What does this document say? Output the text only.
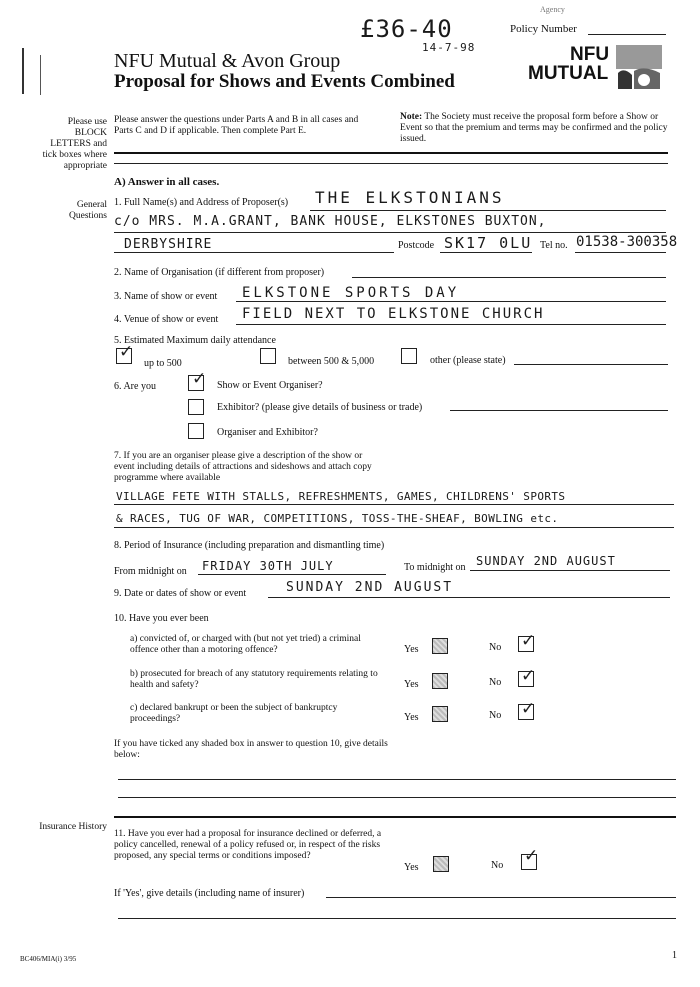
Agency
Policy Number
£36-40
14-7-98
NFU Mutual & Avon Group
Proposal for Shows and Events Combined
NFU
MUTUAL
Please use BLOCK LETTERS and tick boxes where appropriate
Please answer the questions under Parts A and B in all cases and Parts C and D if applicable. Then complete Part E.
Note: The Society must receive the proposal form before a Show or Event so that the premium and terms may be confirmed and the policy issued.
A) Answer in all cases.
General Questions
1. Full Name(s) and Address of Proposer(s) THE ELKSTONIANS
c/o MRS. M.A.GRANT, BANK HOUSE, ELKSTONES BUXTON,
DERBYSHIRE	Postcode SK17 0LU Tel no. 01538-300358
2. Name of Organisation (if different from proposer)
3. Name of show or event ELKSTONE SPORTS DAY
4. Venue of show or event FIELD NEXT TO ELKSTONE CHURCH
5. Estimated Maximum daily attendance
✓
up to 500	between 500 & 5,000	other (please state)
6. Are you ✓ Show or Event Organiser?
Exhibitor? (please give details of business or trade)
Organiser and Exhibitor?
7. If you are an organiser please give a description of the show or event including details of attractions and sideshows and attach copy programme where available
VILLAGE FETE WITH STALLS, REFRESHMENTS, GAMES, CHILDRENS' SPORTS
& RACES, TUG OF WAR, COMPETITIONS, TOSS-THE-SHEAF, BOWLING etc.
8. Period of Insurance (including preparation and dismantling time)
From midnight on FRIDAY 30TH JULY	To midnight on SUNDAY 2ND AUGUST
9. Date or dates of show or event	SUNDAY 2ND AUGUST
10. Have you ever been
a) convicted of, or charged with (but not yet tried) a criminal offence other than a motoring offence?	Yes	No ✓
b) prosecuted for breach of any statutory requirements relating to health and safety?	Yes	No ✓
c) declared bankrupt or been the subject of bankruptcy proceedings?	Yes	No ✓
If you have ticked any shaded box in answer to question 10, give details below:
Insurance History
11. Have you ever had a proposal for insurance declined or deferred, a policy cancelled, renewal of a policy refused or, in respect of the risks proposed, any special terms or conditions imposed?
Yes	No ✓
If 'Yes', give details (including name of insurer)
BC406/MIA(i) 3/95	1
